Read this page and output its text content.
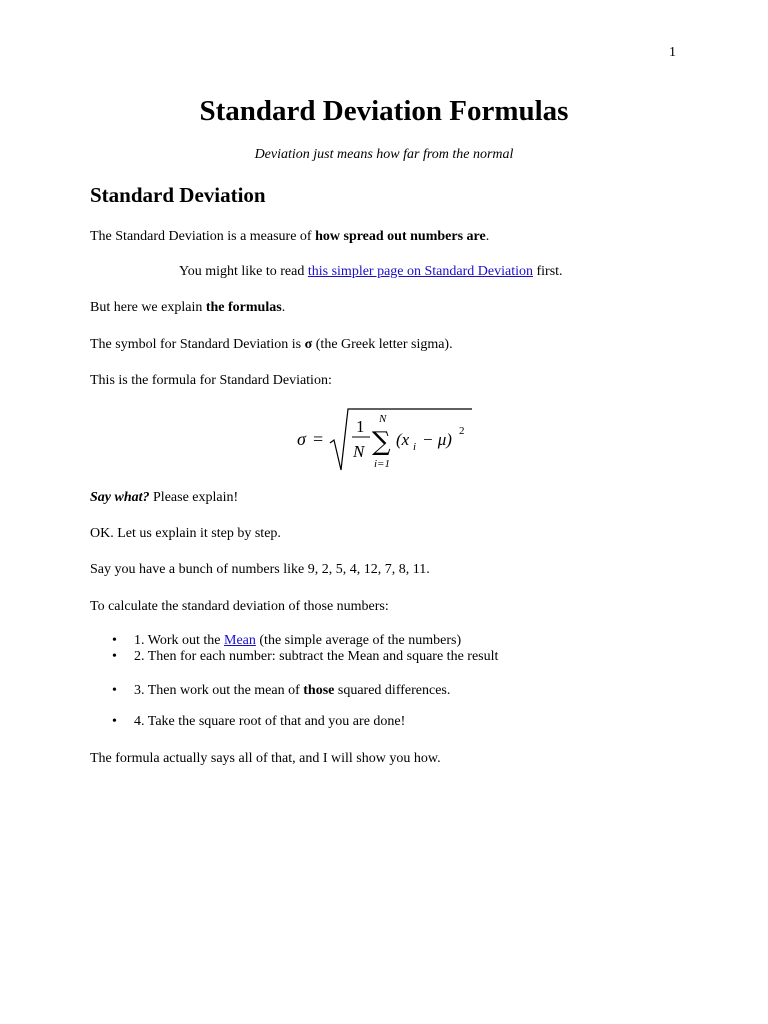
1
Standard Deviation Formulas

Deviation just means how far from the normal

Standard Deviation

The Standard Deviation is a measure of how spread out numbers are.

You might like to read this simpler page on Standard Deviation first.

But here we explain the formulas.

The symbol for Standard Deviation is σ (the Greek letter sigma).

This is the formula for Standard Deviation:

σ =
1
N
N
∑
i=1
(x i − μ) 2

Say what? Please explain!

OK. Let us explain it step by step.

Say you have a bunch of numbers like 9, 2, 5, 4, 12, 7, 8, 11.

To calculate the standard deviation of those numbers:

• 1. Work out the Mean (the simple average of the numbers)
• 2. Then for each number: subtract the Mean and square the result
• 3. Then work out the mean of those squared differences.
• 4. Take the square root of that and you are done!

The formula actually says all of that, and I will show you how.
